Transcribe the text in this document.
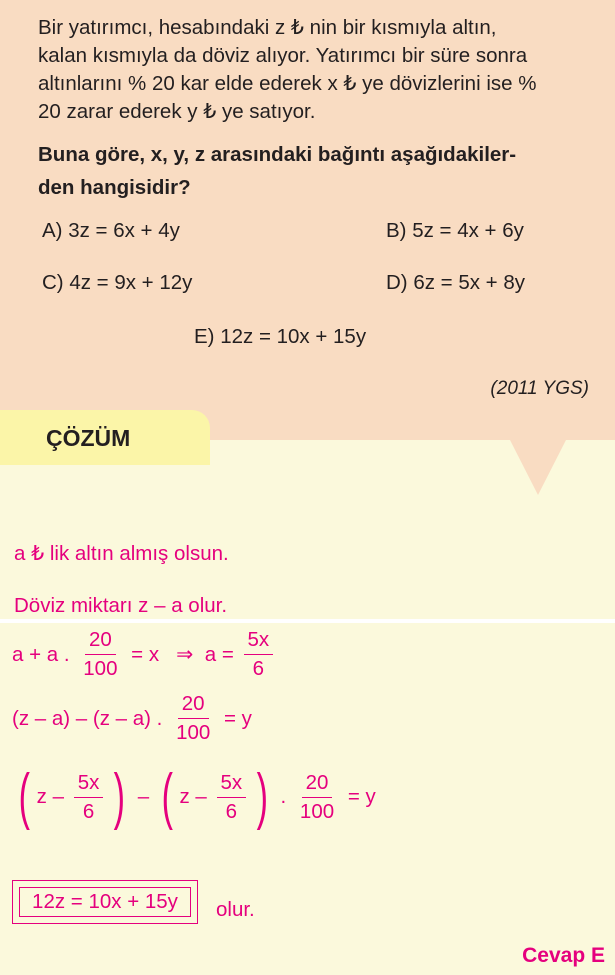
Bir yatırımcı, hesabındaki z ₺ nin bir kısmıyla altın,

kalan kısmıyla da döviz alıyor. Yatırımcı bir süre sonra

altınlarını % 20 kar elde ederek x ₺ ye dövizlerini ise %

20 zarar ederek y ₺ ye satıyor.

Buna göre, x, y, z arasındaki bağıntı aşağıdakiler-
den hangisidir?
A) 3z = 6x + 4y	B) 5z = 4x + 6y
C) 4z = 9x + 12y	D) 6z = 5x + 8y
E) 12z = 10x + 15y
(2011 YGS)
ÇÖZÜM
a ₺ lik altın almış olsun.
Döviz miktarı z – a olur.
a + a . $\frac{20}{100} = x$   ⇒  $a = \frac{5x}{6}$
(z – a) – (z – a) . $\frac{20}{100} = y$
( z – $\frac{5x}{6}$ ) – ( z – $\frac{5x}{6}$ ) . $\frac{20}{100} = y$
12z = 10x + 15y	olur.
Cevap E
